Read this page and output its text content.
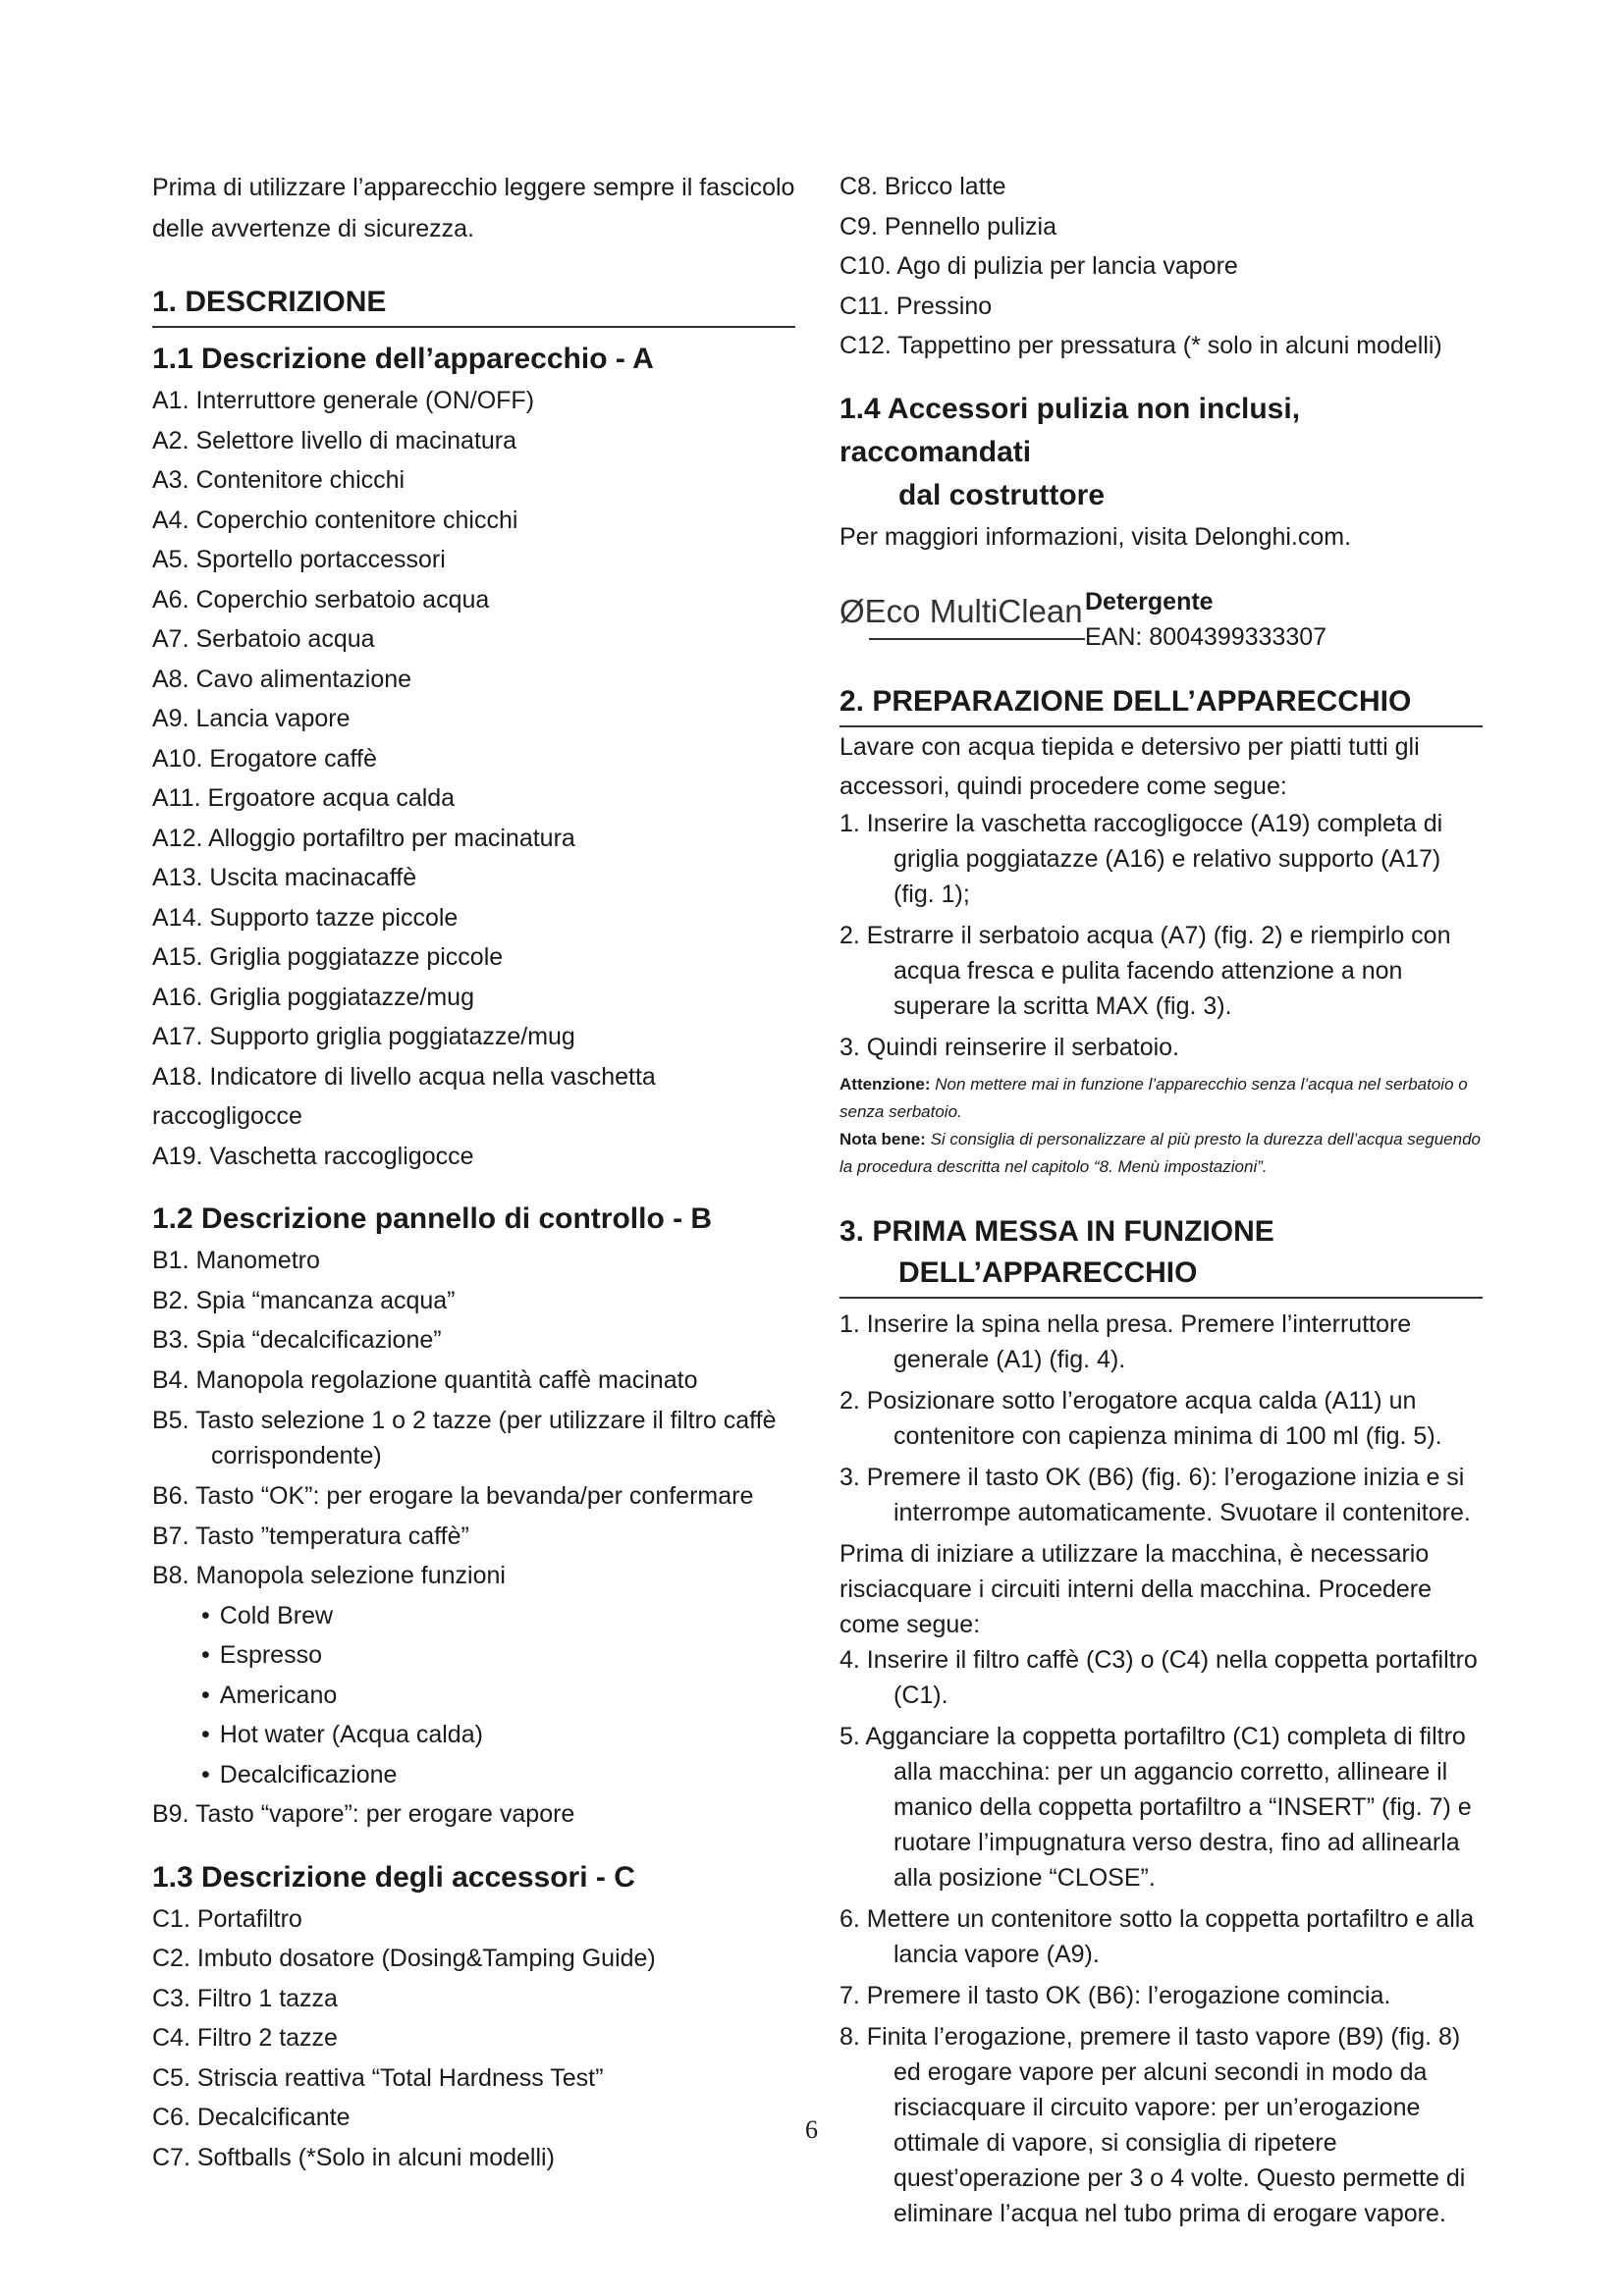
Prima di utilizzare l’apparecchio leggere sempre il fascicolo delle avvertenze di sicurezza.

1. DESCRIZIONE
1.1 Descrizione dell’apparecchio - A
A1. Interruttore generale (ON/OFF)
A2. Selettore livello di macinatura
A3. Contenitore chicchi
A4. Coperchio contenitore chicchi
A5. Sportello portaccessori
A6. Coperchio serbatoio acqua
A7. Serbatoio acqua
A8. Cavo alimentazione
A9. Lancia vapore
A10. Erogatore caffè
A11. Ergoatore acqua calda
A12. Alloggio portafiltro per macinatura
A13. Uscita macinacaffè
A14. Supporto tazze piccole
A15. Griglia poggiatazze piccole
A16. Griglia poggiatazze/mug
A17. Supporto griglia poggiatazze/mug
A18. Indicatore di livello acqua nella vaschetta raccogligocce
A19. Vaschetta raccogligocce
1.2 Descrizione pannello di controllo - B
B1. Manometro
B2. Spia “mancanza acqua”
B3. Spia “decalcificazione”
B4. Manopola regolazione quantità caffè macinato
B5. Tasto selezione 1 o 2 tazze (per utilizzare il filtro caffè corrispondente)
B6. Tasto “OK”: per erogare la bevanda/per confermare
B7. Tasto ”temperatura caffè”
B8. Manopola selezione funzioni
• Cold Brew
• Espresso
• Americano
• Hot water (Acqua calda)
• Decalcificazione
B9. Tasto “vapore”: per erogare vapore
1.3 Descrizione degli accessori - C
C1. Portafiltro
C2. Imbuto dosatore (Dosing&Tamping Guide)
C3. Filtro 1 tazza
C4. Filtro 2 tazze
C5. Striscia reattiva “Total Hardness Test”
C6. Decalcificante
C7. Softballs (*Solo in alcuni modelli)
C8. Bricco latte
C9. Pennello pulizia
C10. Ago di pulizia per lancia vapore
C11. Pressino
C12. Tappettino per pressatura (* solo in alcuni modelli)
1.4 Accessori pulizia non inclusi, raccomandati
dal costruttore

Per maggiori informazioni, visita Delonghi.com.

ØEco MultiClean Detergente
EAN: 8004399333307
2. PREPARAZIONE DELL’APPARECCHIO

Lavare con acqua tiepida e detersivo per piatti tutti gli accessori, quindi procedere come segue:

1. Inserire la vaschetta raccogligocce (A19) completa di griglia poggiatazze (A16) e relativo supporto (A17) (fig. 1);
2. Estrarre il serbatoio acqua (A7) (fig. 2) e riempirlo con acqua fresca e pulita facendo attenzione a non superare la scritta MAX (fig. 3).
3. Quindi reinserire il serbatoio.

Attenzione: Non mettere mai in funzione l’apparecchio senza l’acqua nel serbatoio o senza serbatoio.

Nota bene: Si consiglia di personalizzare al più presto la durezza dell’acqua seguendo la procedura descritta nel capitolo “8. Menù impostazioni”.

3. PRIMA MESSA IN FUNZIONE
DELL’APPARECCHIO
1. Inserire la spina nella presa. Premere l’interruttore generale (A1) (fig. 4).
2. Posizionare sotto l’erogatore acqua calda (A11) un contenitore con capienza minima di 100 ml (fig. 5).
3. Premere il tasto OK (B6) (fig. 6): l’erogazione inizia e si interrompe automaticamente. Svuotare il contenitore.

Prima di iniziare a utilizzare la macchina, è necessario risciacquare i circuiti interni della macchina. Procedere come segue:

4. Inserire il filtro caffè (C3) o (C4) nella coppetta portafiltro (C1).
5. Agganciare la coppetta portafiltro (C1) completa di filtro alla macchina: per un aggancio corretto, allineare il manico della coppetta portafiltro a “INSERT” (fig. 7) e ruotare l’impugnatura verso destra, fino ad allinearla alla posizione “CLOSE”.
6. Mettere un contenitore sotto la coppetta portafiltro e alla lancia vapore (A9).
7. Premere il tasto OK (B6): l’erogazione comincia.
8. Finita l’erogazione, premere il tasto vapore (B9) (fig. 8) ed erogare vapore per alcuni secondi in modo da risciacquare il circuito vapore: per un’erogazione ottimale di vapore, si consiglia di ripetere quest’operazione per 3 o 4 volte. Questo permette di eliminare l’acqua nel tubo prima di erogare vapore.
6
